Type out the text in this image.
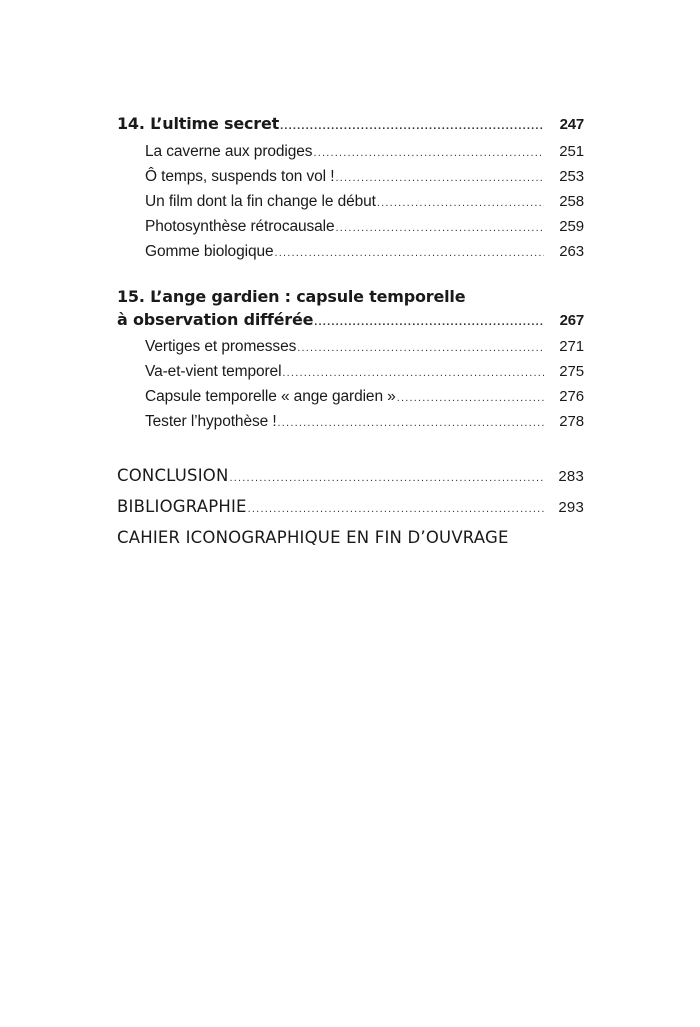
14. L’ultime secret .....	247
La caverne aux prodiges .....	251
Ô temps, suspends ton vol ! .....	253
Un film dont la fin change le début .....	258
Photosynthèse rétrocausale .....	259
Gomme biologique .....	263
15. L’ange gardien : capsule temporelle
à observation différée .....	267
Vertiges et promesses .....	271
Va-et-vient temporel .....	275
Capsule temporelle « ange gardien » .....	276
Tester l’hypothèse ! .....	278
CONCLUSION .....	283
BIBLIOGRAPHIE .....	293
CAHIER ICONOGRAPHIQUE EN FIN D’OUVRAGE
